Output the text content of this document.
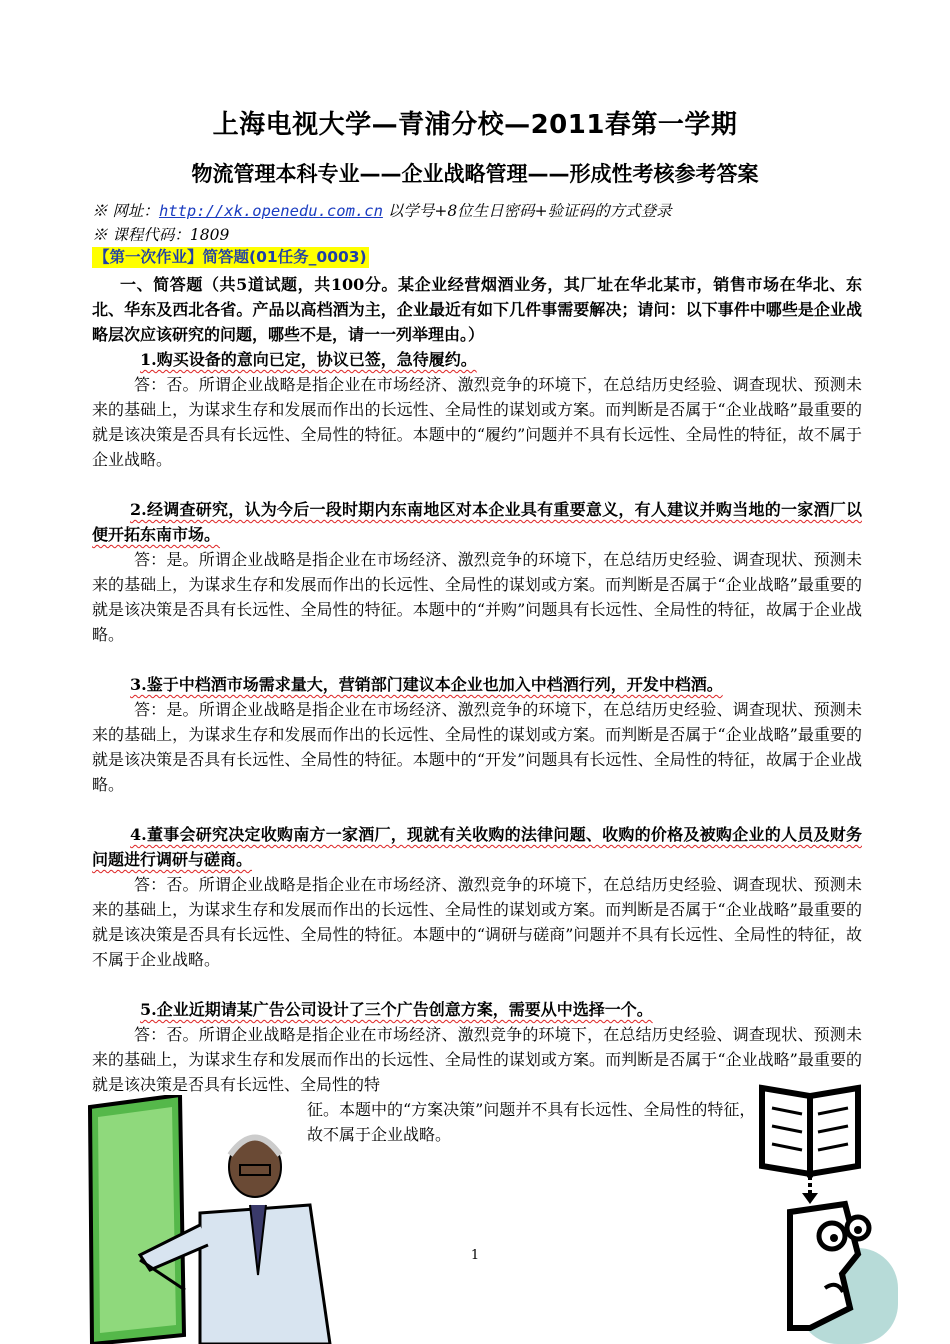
上海电视大学—青浦分校—2011春第一学期
物流管理本科专业——企业战略管理——形成性考核参考答案
※ 网址：http://xk.openedu.com.cn 以学号+8位生日密码+验证码的方式登录
※ 课程代码：1809
【第一次作业】简答题(01任务_0003)
一、简答题（共5道试题，共100分。某企业经营烟酒业务，其厂址在华北某市，销售市场在华北、东北、华东及西北各省。产品以高档酒为主，企业最近有如下几件事需要解决；请问：以下事件中哪些是企业战略层次应该研究的问题，哪些不是，请一一列举理由。）
1.购买设备的意向已定，协议已签，急待履约。
答：否。所谓企业战略是指企业在市场经济、激烈竞争的环境下，在总结历史经验、调查现状、预测未来的基础上，为谋求生存和发展而作出的长远性、全局性的谋划或方案。而判断是否属于“企业战略”最重要的就是该决策是否具有长远性、全局性的特征。本题中的“履约”问题并不具有长远性、全局性的特征，故不属于企业战略。
2.经调查研究，认为今后一段时期内东南地区对本企业具有重要意义，有人建议并购当地的一家酒厂以便开拓东南市场。
答：是。所谓企业战略是指企业在市场经济、激烈竞争的环境下，在总结历史经验、调查现状、预测未来的基础上，为谋求生存和发展而作出的长远性、全局性的谋划或方案。而判断是否属于“企业战略”最重要的就是该决策是否具有长远性、全局性的特征。本题中的“并购”问题具有长远性、全局性的特征，故属于企业战略。
3.鉴于中档酒市场需求量大，营销部门建议本企业也加入中档酒行列，开发中档酒。
答：是。所谓企业战略是指企业在市场经济、激烈竞争的环境下，在总结历史经验、调查现状、预测未来的基础上，为谋求生存和发展而作出的长远性、全局性的谋划或方案。而判断是否属于“企业战略”最重要的就是该决策是否具有长远性、全局性的特征。本题中的“开发”问题具有长远性、全局性的特征，故属于企业战略。
4.董事会研究决定收购南方一家酒厂，现就有关收购的法律问题、收购的价格及被购企业的人员及财务问题进行调研与磋商。
答：否。所谓企业战略是指企业在市场经济、激烈竞争的环境下，在总结历史经验、调查现状、预测未来的基础上，为谋求生存和发展而作出的长远性、全局性的谋划或方案。而判断是否属于“企业战略”最重要的就是该决策是否具有长远性、全局性的特征。本题中的“调研与磋商”问题并不具有长远性、全局性的特征，故不属于企业战略。
5.企业近期请某广告公司设计了三个广告创意方案，需要从中选择一个。
答：否。所谓企业战略是指企业在市场经济、激烈竞争的环境下，在总结历史经验、调查现状、预测未来的基础上，为谋求生存和发展而作出的长远性、全局性的谋划或方案。而判断是否属于“企业战略”最重要的就是该决策是否具有长远性、全局性的特
征。本题中的“方案决策”问题并不具有长远性、全局性的特征，故不属于企业战略。
1
